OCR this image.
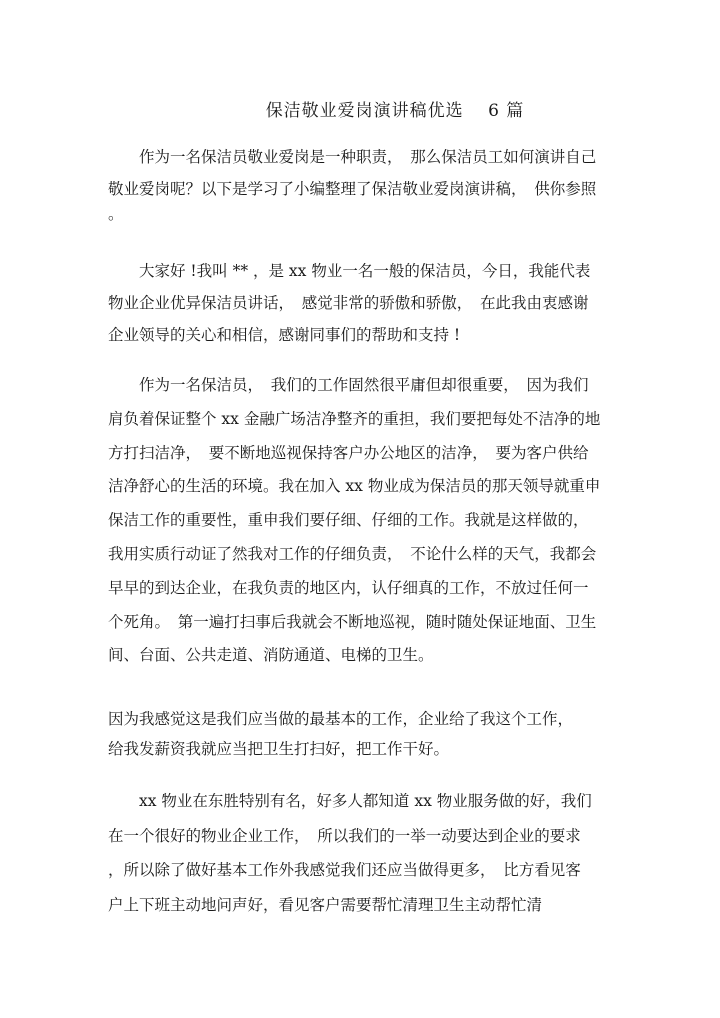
保洁敬业爱岗演讲稿优选　 6 篇
　　作为一名保洁员敬业爱岗是一种职责，　那么保洁员工如何演讲自己
敬业爱岗呢？以下是学习了小编整理了保洁敬业爱岗演讲稿，　供你参照
。
　　大家好 !我叫 ** ，是 xx 物业一名一般的保洁员，今日，我能代表
物业企业优异保洁员讲话，　感觉非常的骄傲和骄傲，　在此我由衷感谢
企业领导的关心和相信，感谢同事们的帮助和支持 !
　　作为一名保洁员，　我们的工作固然很平庸但却很重要，　因为我们
肩负着保证整个 xx 金融广场洁净整齐的重担，我们要把每处不洁净的地
方打扫洁净，　要不断地巡视保持客户办公地区的洁净，　要为客户供给
洁净舒心的生活的环境。我在加入 xx 物业成为保洁员的那天领导就重申
保洁工作的重要性，重申我们要仔细、仔细的工作。我就是这样做的，
我用实质行动证了然我对工作的仔细负责，　不论什么样的天气，我都会
早早的到达企业，在我负责的地区内，认仔细真的工作，不放过任何一
个死角。　第一遍打扫事后我就会不断地巡视，随时随处保证地面、卫生
间、台面、公共走道、消防通道、电梯的卫生。
因为我感觉这是我们应当做的最基本的工作，企业给了我这个工作，
给我发薪资我就应当把卫生打扫好，把工作干好。
　　xx 物业在东胜特别有名，好多人都知道 xx 物业服务做的好，我们
在一个很好的物业企业工作，　所以我们的一举一动要达到企业的要求
，所以除了做好基本工作外我感觉我们还应当做得更多，　比方看见客
户上下班主动地问声好，看见客户需要帮忙清理卫生主动帮忙清
